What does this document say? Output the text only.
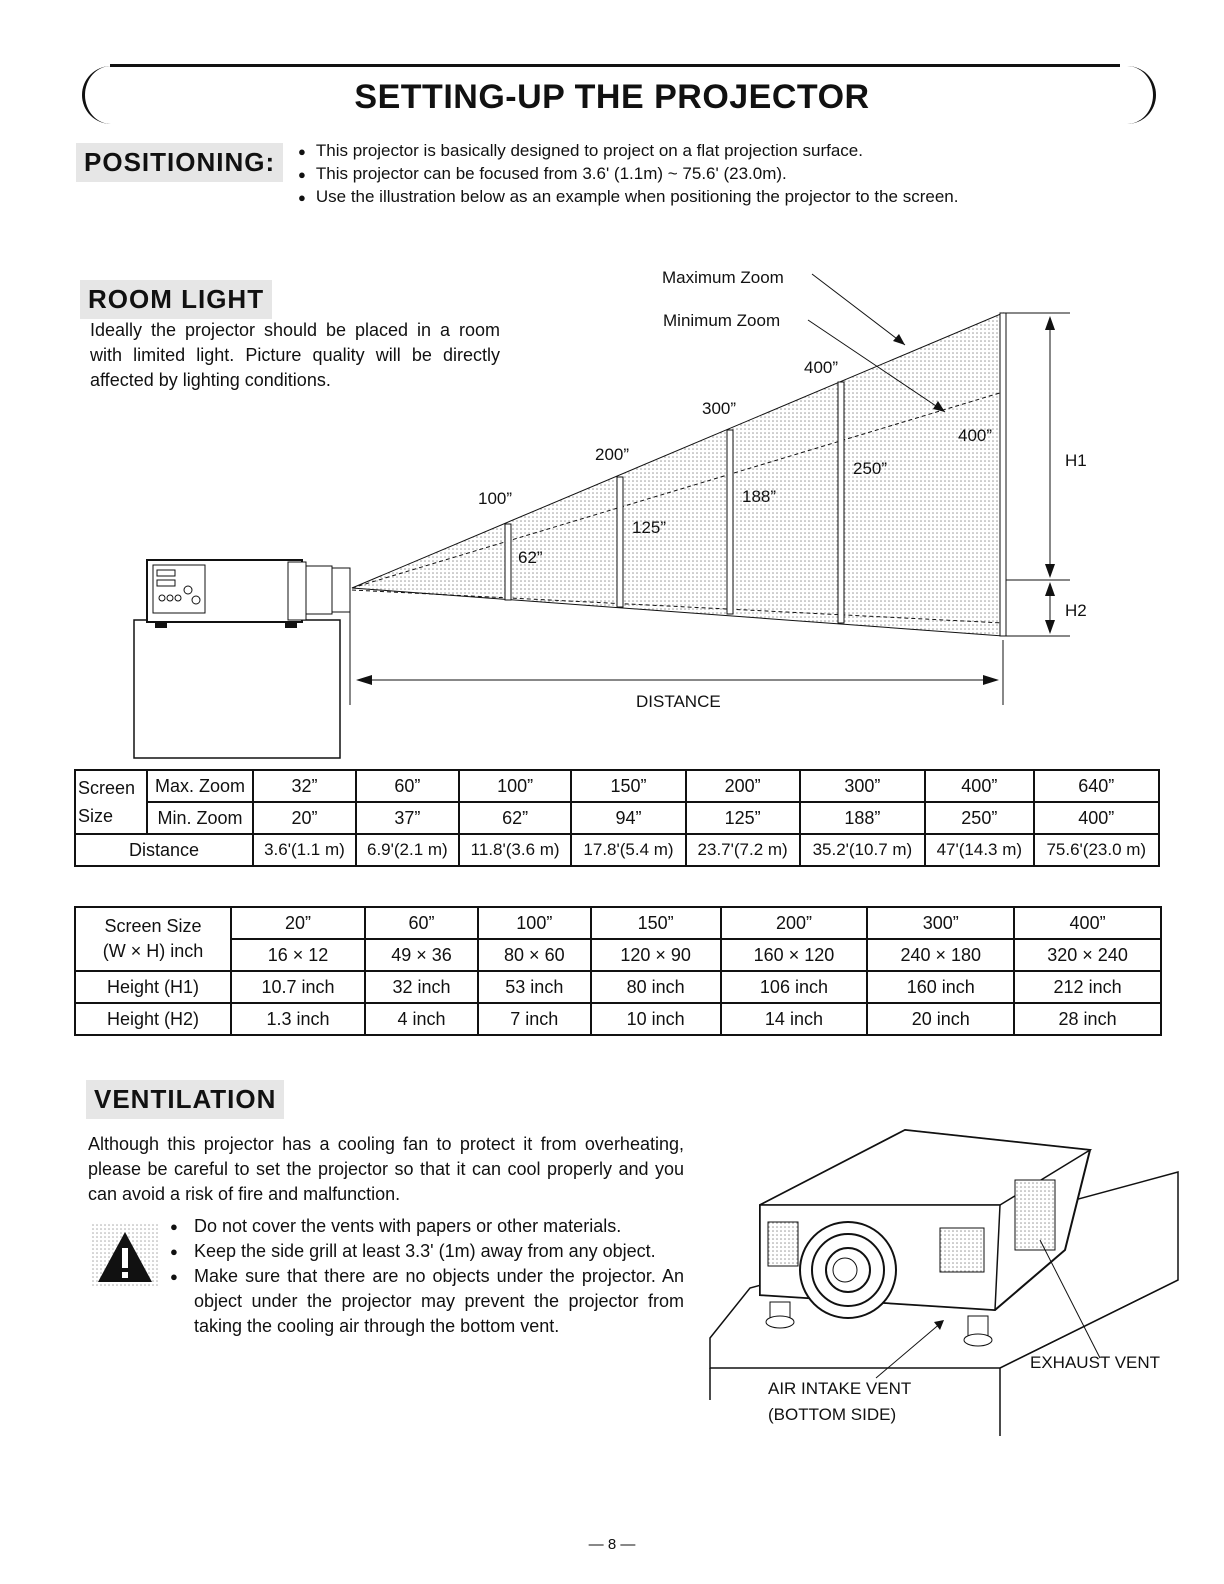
SETTING-UP THE PROJECTOR
POSITIONING:	● This projector is basically designed to project on a flat projection surface.
● This projector can be focused from 3.6' (1.1m) ~ 75.6' (23.0m).
● Use the illustration below as an example when positioning the projector to the screen.
ROOM LIGHT
Ideally the projector should be placed in a room with limited light. Picture quality will be directly affected by lighting conditions.
100”
200”
300”
400”
62”
125”
188”
250”
400”
Maximum Zoom
Minimum Zoom
H1
H2
DISTANCE
Screen Size	Max. Zoom	32”	60”	100”	150”	200”	300”	400”	640”
	Min. Zoom	20”	37”	62”	94”	125”	188”	250”	400”
Distance		3.6'(1.1 m)	6.9'(2.1 m)	11.8'(3.6 m)	17.8'(5.4 m)	23.7'(7.2 m)	35.2'(10.7 m)	47'(14.3 m)	75.6'(23.0 m)
Screen Size
(W × H) inch	20”	60”	100”	150”	200”	300”	400”
	16 × 12	49 × 36	80 × 60	120 × 90	160 × 120	240 × 180	320 × 240
Height (H1)	10.7 inch	32 inch	53 inch	80 inch	106 inch	160 inch	212 inch
Height (H2)	1.3 inch	4 inch	7 inch	10 inch	14 inch	20 inch	28 inch
VENTILATION
Although this projector has a cooling fan to protect it from overheating, please be careful to set the projector so that it can cool properly and you can avoid a risk of fire and malfunction.
● Do not cover the vents with papers or other materials.
● Keep the side grill at least 3.3' (1m) away from any object.
● Make sure that there are no objects under the projector. An object under the projector may prevent the projector from taking the cooling air through the bottom vent.
EXHAUST VENT
AIR INTAKE VENT
(BOTTOM SIDE)
— 8 —
